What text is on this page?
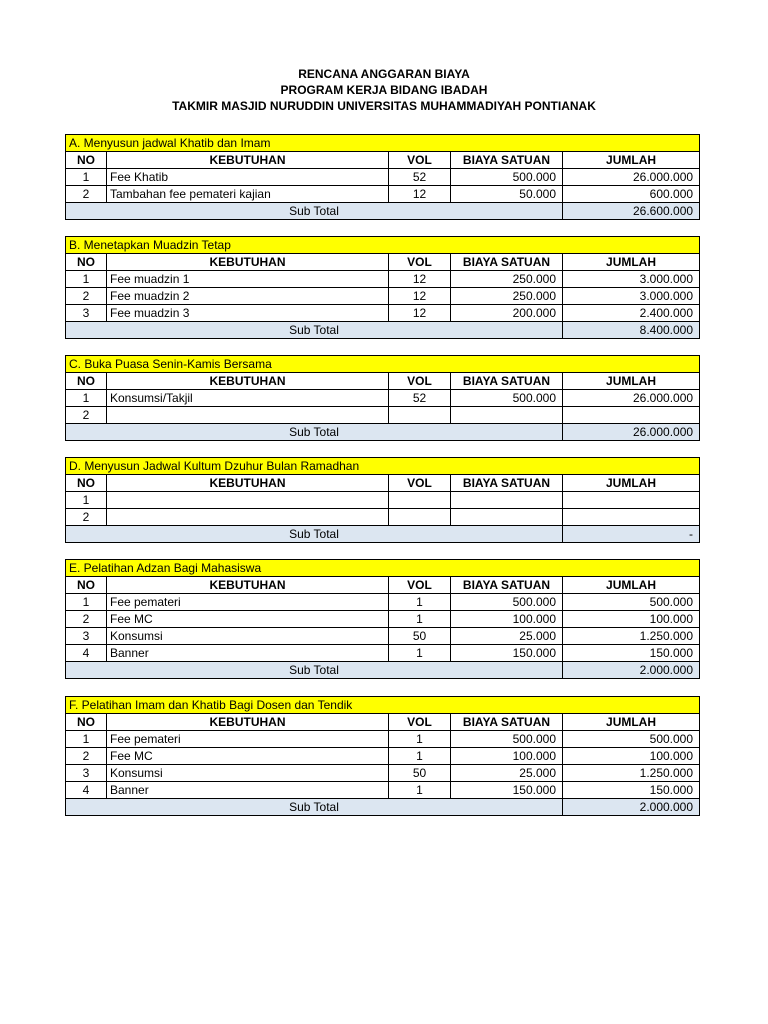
RENCANA ANGGARAN BIAYA
PROGRAM KERJA BIDANG IBADAH
TAKMIR MASJID NURUDDIN UNIVERSITAS MUHAMMADIYAH PONTIANAK
A. Menyusun jadwal Khatib dan Imam				
NO	KEBUTUHAN	VOL	BIAYA SATUAN	JUMLAH
1	Fee Khatib	52	500.000	26.000.000
2	Tambahan fee pemateri kajian	12	50.000	600.000
Sub Total				26.600.000
B. Menetapkan Muadzin Tetap				
NO	KEBUTUHAN	VOL	BIAYA SATUAN	JUMLAH
1	Fee muadzin 1	12	250.000	3.000.000
2	Fee muadzin 2	12	250.000	3.000.000
3	Fee muadzin 3	12	200.000	2.400.000
Sub Total				8.400.000
C. Buka Puasa Senin-Kamis Bersama				
NO	KEBUTUHAN	VOL	BIAYA SATUAN	JUMLAH
1	Konsumsi/Takjil	52	500.000	26.000.000
2				
Sub Total				26.000.000
D. Menyusun Jadwal Kultum Dzuhur Bulan Ramadhan				
NO	KEBUTUHAN	VOL	BIAYA SATUAN	JUMLAH
1				
2				
Sub Total				-
E. Pelatihan Adzan Bagi Mahasiswa				
NO	KEBUTUHAN	VOL	BIAYA SATUAN	JUMLAH
1	Fee pemateri	1	500.000	500.000
2	Fee MC	1	100.000	100.000
3	Konsumsi	50	25.000	1.250.000
4	Banner	1	150.000	150.000
Sub Total				2.000.000
F. Pelatihan Imam dan Khatib Bagi Dosen dan Tendik				
NO	KEBUTUHAN	VOL	BIAYA SATUAN	JUMLAH
1	Fee pemateri	1	500.000	500.000
2	Fee MC	1	100.000	100.000
3	Konsumsi	50	25.000	1.250.000
4	Banner	1	150.000	150.000
Sub Total				2.000.000
